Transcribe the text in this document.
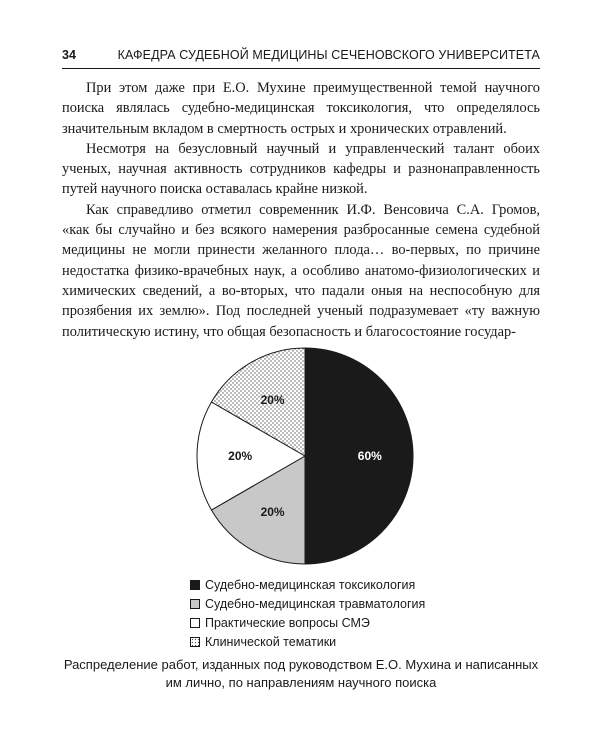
34	КАФЕДРА СУДЕБНОЙ МЕДИЦИНЫ СЕЧЕНОВСКОГО УНИВЕРСИТЕТА

При этом даже при Е.О. Мухине преимущественной темой научного поиска являлась судебно-медицинская токсикология, что определялось значительным вкладом в смертность острых и хронических отравлений.

Несмотря на безусловный научный и управленческий талант обоих ученых, научная активность сотрудников кафедры и разнонаправленность путей научного поиска оставалась крайне низкой.

Как справедливо отметил современник И.Ф. Венсовича С.А. Громов, «как бы случайно и без всякого намерения разбросанные семена судебной медицины не могли принести желанного плода… во-первых, по причине недостатка физико-врачебных наук, а особливо анатомо-физиологических и химических сведений, а во-вторых, что падали оныя на неспособную для прозябения их землю». Под последней ученый подразумевает «ту важную политическую истину, что общая безопасность и благосостояние государ-

60%
20%
20%
20%
Судебно-медицинская токсикология
Судебно-медицинская травматология
Практические вопросы СМЭ
Клинической тематики
Распределение работ, изданных под руководством Е.О. Мухина и написанных им лично, по направлениям научного поиска
